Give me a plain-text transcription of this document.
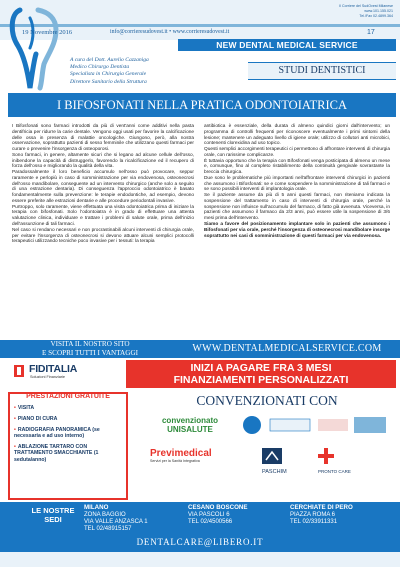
19 Novembre 2016	info@corrieresudovest.it • www.corrieresudovest.it	17
Il Corriere del SudOvest Milanese
www.101.155.021
Tel./Fax 02.4899.364
NEW DENTAL MEDICAL SERVICE
A cura del Dott. Aurelio Cazzaniga
Medico Chirurgo Dentista
Specialista in Chirurgia Generale
Direttore Sanitario della Struttura
STUDI DENTISTICI
I BIFOSFONATI NELLA PRATICA ODONTOIATRICA

I Bifosfonati sono farmaci introdotti da più di vent'anni come additivi nella pasta dentifricia per ridurre la carie dentale. Vengono oggi usati per favorire la calcificazione delle ossa in presenza di malattie oncologiche. Giungono, però, alla nostra osservazione, soprattutto pazienti di sesso femminile che utilizzano questi farmaci per curare o prevenire l'insorgenza di osteoporosi.

Sono farmaci, in genere, altamente sicuri che si legano ad alcune cellule dell'osso, inibendone la capacità di distruggerlo, favorendo la ricalcificazione ed il recupero di forza dell'osso e migliorando la qualità della vita.

Paradossalmente il loro beneficio accumulo nell'osso può provocare, seppur raramente e perlopiù in caso di somministrazione per via endovenosa, osteonecrosi dell'osso mandibolare, conseguente ad un intervento chirurgico (anche solo a seguito di una estrazione dentaria). Di conseguenza l'approccio odontoiatrico è basato fondamentalmente sulla prevenzione: le terapie endodontiche, ad esempio, devono essere preferite alle estrazioni dentarie e alle procedure periodontali invasive.

Purtroppo, solo raramente, viene effettuata una visita odontoiatrica prima di iniziare la terapia con bifosfonati. Solo l'odontoiatra è in grado di effettuare una attenta valutazione clinica, individuare e trattare i problemi di salute orale, prima dell'inizio dell'assunzione di tali farmaci.

Nel caso si rendano necessari e non procrastinabili alcuni interventi di chirurgia orale, per evitare l'insorgenza di osteonecrosi si devono attuare alcuni semplici protocolli terapeutici utilizzando tecniche poco invasive per i tessuti: la terapia

antibiotica è essenziale, della durata di almeno quindici giorni dall'intervento; un programma di controlli frequenti per riconoscere eventualmente i primi sintomi della lesione; mantenere un adeguato livello di igiene orale; utilizzo di collutori anti microbici, contenenti clorexidina ad uso topico.

Questi semplici accorgimenti terapeutici ci permettono di affrontare interventi di chirurgia orale, con rarissime complicanze.

È tuttavia opportuno che la terapia con Bifosfonati venga posticipata di almeno un mese e, comunque, fino al completo ristabilimento della continuità gengivale sovrastante la breccia chirurgica.

Due sono le problematiche più importanti nell'affrontare interventi chirurgici in pazienti che assumono i Bifosfonati: se e come sospendere la somministrazione di tali farmaci e se sono possibili interventi di implantologia orale.

Se il paziente assume da più di 5 anni questi farmaci, non riteniamo indicata la sospensione del trattamento in caso di interventi di chirurgia orale, perché la sospensione non influisce sull'accumulo del farmaco, di fatto già avvenuta. Viceversa, in pazienti che assumono il farmaco da 2/3 anni, può essere utile la sospensione di 3/6 mesi prima dell'intervento.

Siamo a favore del posizionamento implantare solo in pazienti che assumono i Bifosfonati per via orale, perché l'insorgenza di osteonecrosi mandibolare insorge soprattutto nei casi di somministrazione di questi farmaci per via endovenosa.

VISITA IL NOSTRO SITO
E SCOPRI TUTTI I VANTAGGI	WWW.DENTALMEDICALSERVICE.COM
FIDITALIA
Soluzioni Finanziarie
INIZI A PAGARE FRA 3 MESI
FINANZIAMENTI PERSONALIZZATI
PRESTAZIONI GRATUITE
• VISITA
• PIANO DI CURA
• RADIOGRAFIA PANORAMICA (se necessaria e ad uso interno)
• ABLAZIONE TARTARO CON TRATTAMENTO SMACCHIANTE (1 seduta/anno)
CONVENZIONATI CON
convenzionato UNISALUTE
Previmedical
Servizi per la Sanità Integrativa
PASCHIM	PRONTO CARE
LE NOSTRE SEDI
MILANO
ZONA BAGGIO
VIA VALLE ANZASCA 1
TEL 02/48915157
CESANO BOSCONE
VIA PASCOLI 6
TEL 02/4500566
CERCHIATE DI PERO
PIAZZA ROMA 6
TEL 02/33911331
DENTALCARE@LIBERO.IT
